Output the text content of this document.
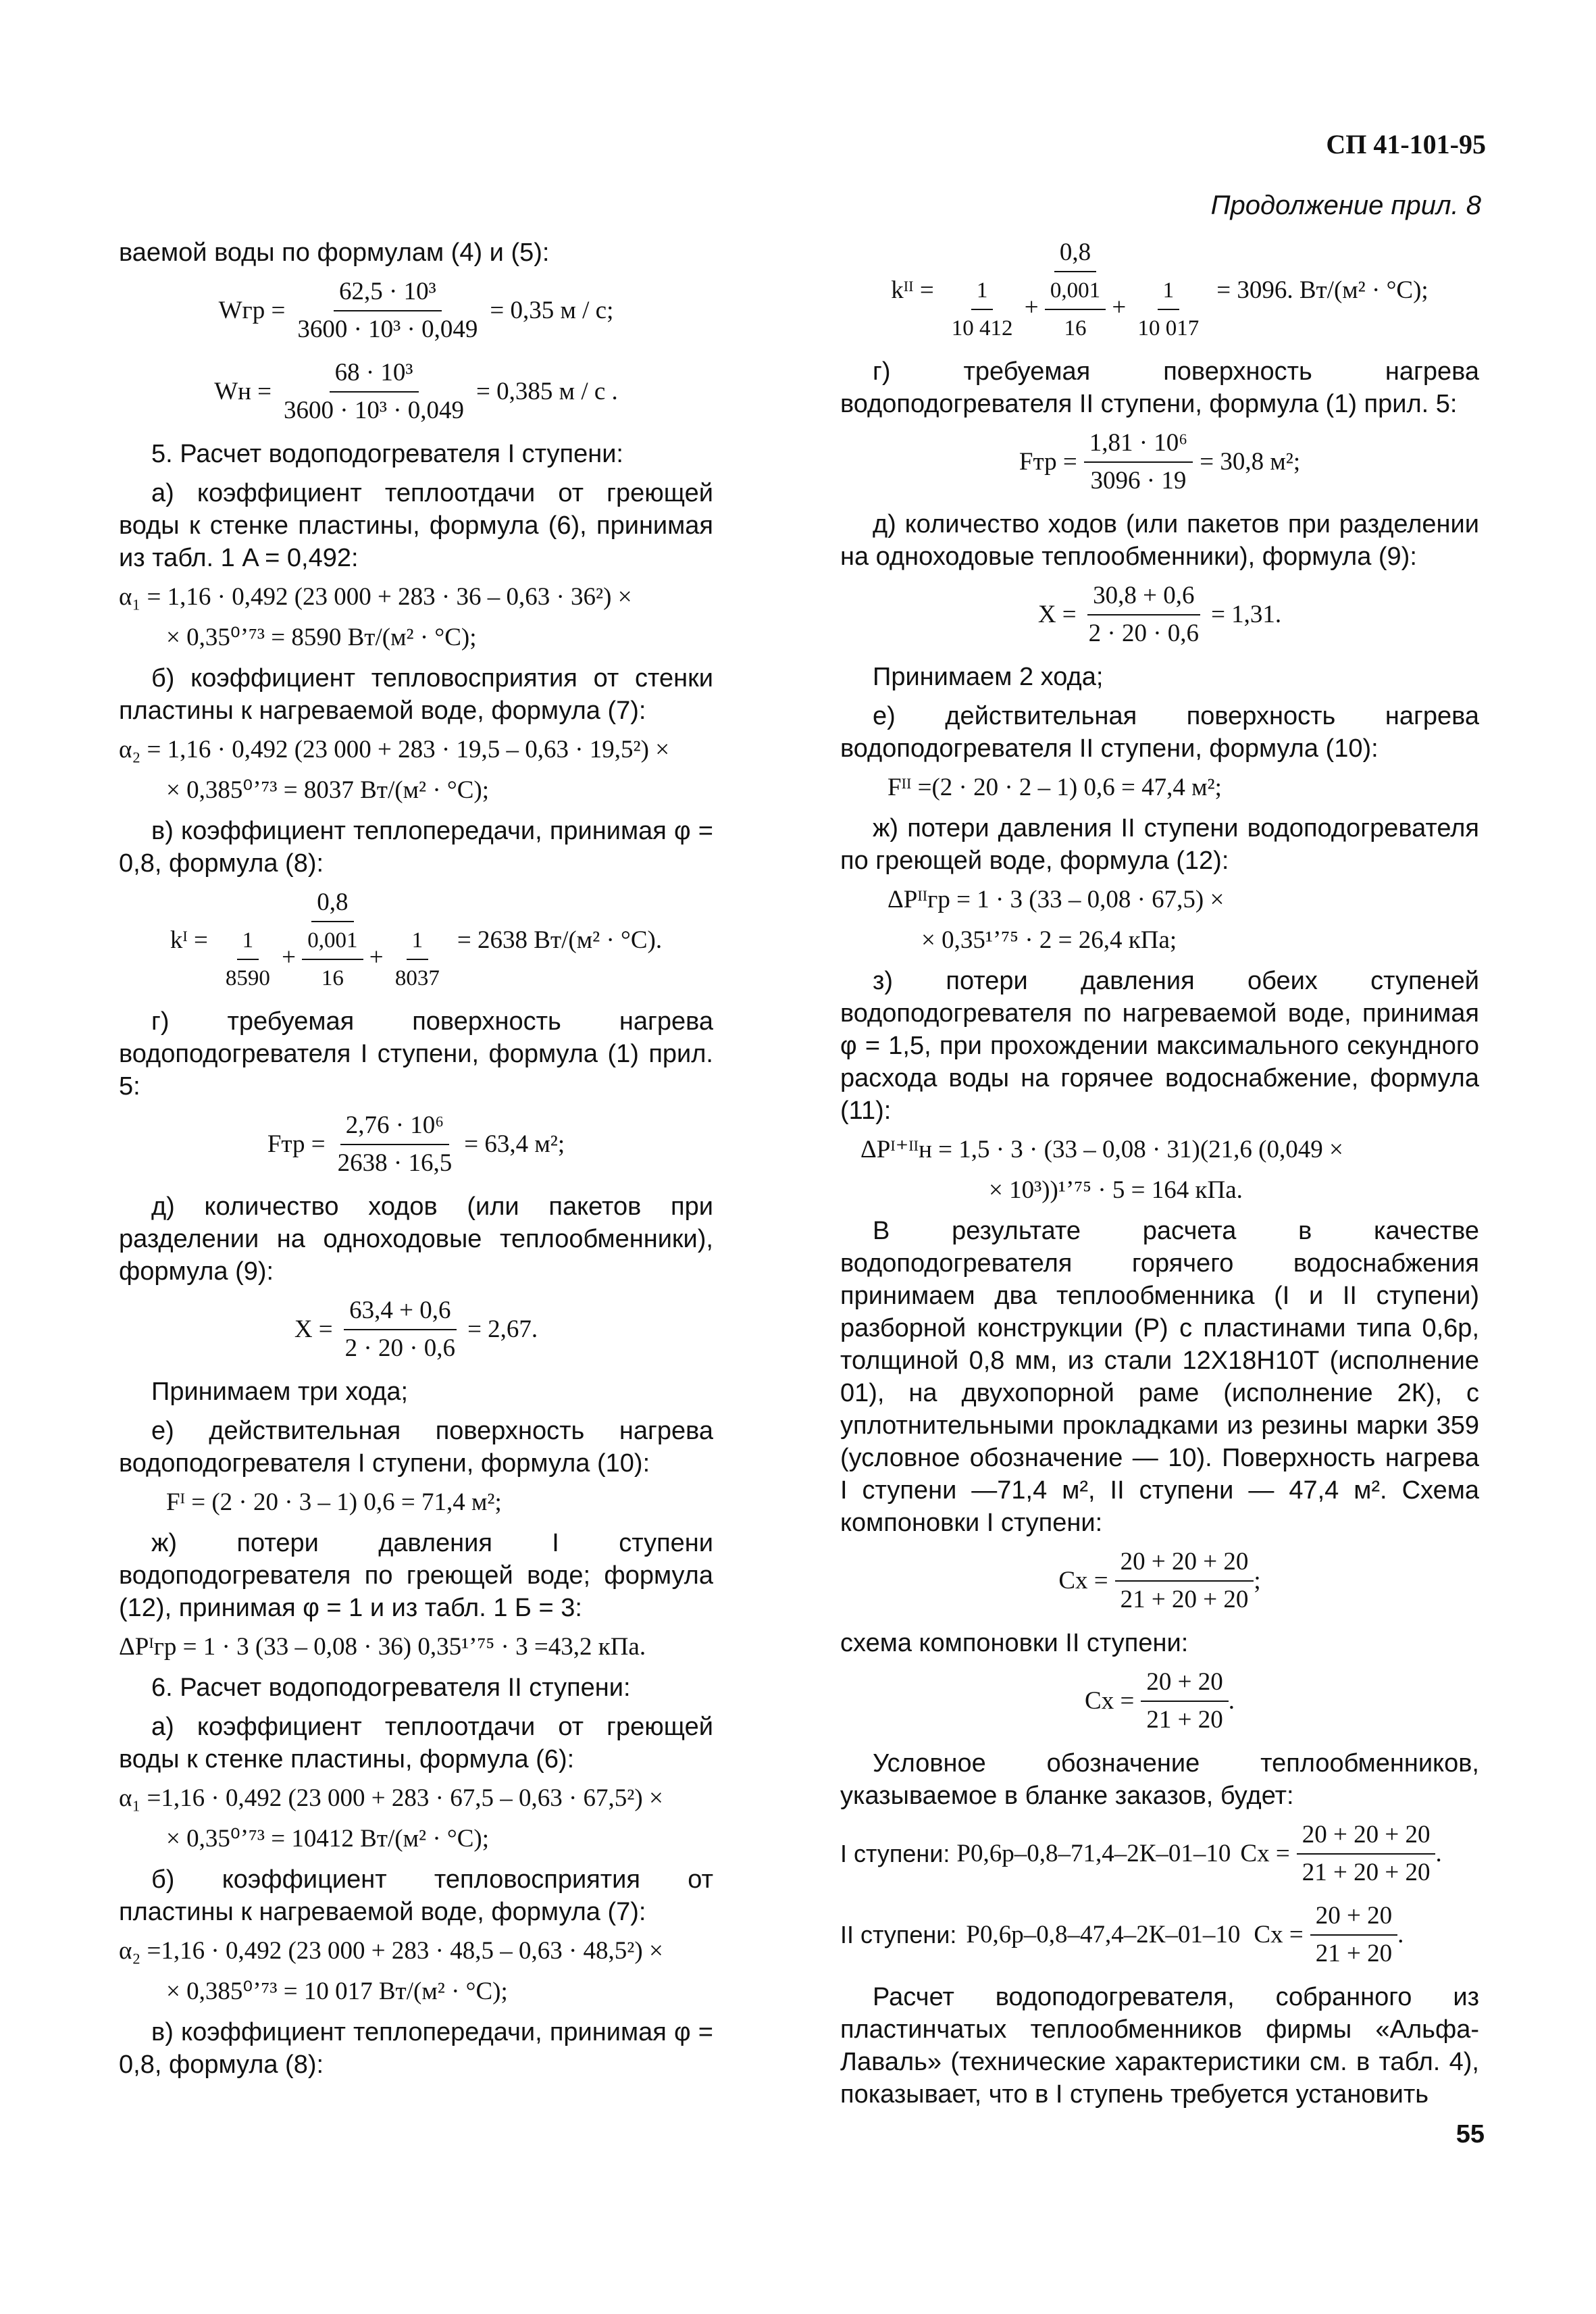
СП 41-101-95
Продолжение прил. 8

ваемой воды по формулам (4) и (5):

Wгр = $\frac{\text{62,5 · 10³}}{\text{3600 · 10³ · 0,049}} = 0,35$ м / с;
Wн = $\frac{\text{68 · 10³}}{\text{3600 · 10³ · 0,049}} = 0,385$ м / с .

5. Расчет водоподогревателя I ступени:

а) коэффициент теплоотдачи от греющей воды к стенке пластины, формула (6), принимая из табл. 1 A = 0,492:

α₁ = 1,16 · 0,492 (23 000 + 283 · 36 – 0,63 · 36²) ×
× 0,35⁰’⁷³ = 8590 Вт/(м² · °С);

б) коэффициент тепловосприятия от стенки пластины к нагреваемой воде, формула (7):

α₂ = 1,16 · 0,492 (23 000 + 283 · 19,5 – 0,63 · 19,5²) ×
× 0,385⁰’⁷³ = 8037 Вт/(м² · °С);

в) коэффициент теплопередачи, принимая φ = 0,8, формула (8):

kᴵ = $\frac{0,8}{\frac{1}{8590} + \frac{0,001}{16} + \frac{1}{8037}} = 2638$ Вт/(м² · °С).

г) требуемая поверхность нагрева водоподогревателя I ступени, формула (1) прил. 5:

Fтр = $\frac{\text{2,76 · 10⁶}}{2638 \cdot 16,5} = 63,4$ м²;

д) количество ходов (или пакетов при разделении на одноходовые теплообменники), формула (9):

$X = \frac{63,4 + 0,6}{2 \cdot 20 \cdot 0,6} = 2,67$.

Принимаем три хода;

е) действительная поверхность нагрева водоподогревателя I ступени, формула (10):

Fᴵ = (2 · 20 · 3 – 1) 0,6 = 71,4 м²;

ж) потери давления I ступени водоподогревателя по греющей воде; формула (12), принимая φ = 1 и из табл. 1 Б = 3:

ΔPᴵгр = 1 · 3 (33 – 0,08 · 36) 0,35¹’⁷⁵ · 3 =43,2 кПа.

6. Расчет водоподогревателя II ступени:

а) коэффициент теплоотдачи от греющей воды к стенке пластины, формула (6):

α₁ =1,16 · 0,492 (23 000 + 283 · 67,5 – 0,63 · 67,5²) ×
× 0,35⁰’⁷³ = 10412 Вт/(м² · °С);

б) коэффициент тепловосприятия от пластины к нагреваемой воде, формула (7):

α₂ =1,16 · 0,492 (23 000 + 283 · 48,5 – 0,63 · 48,5²) ×
× 0,385⁰’⁷³ = 10 017 Вт/(м² · °С);

в) коэффициент теплопередачи, принимая φ = 0,8, формула (8):

kᴵᴵ = $\frac{0,8}{\frac{1}{10 412} + \frac{0,001}{16} + \frac{1}{10 017}} = 3096$. Вт/(м² · °С);

г) требуемая поверхность нагрева водоподогревателя II ступени, формула (1) прил. 5:

Fтр = $\frac{\text{1,81 · 10⁶}}{3096 \cdot 19} = 30,8$ м²;

д) количество ходов (или пакетов при разделении на одноходовые теплообменники), формула (9):

$X = \frac{30,8 + 0,6}{2 \cdot 20 \cdot 0,6} = 1,31$.

Принимаем 2 хода;

е) действительная поверхность нагрева водоподогревателя II ступени, формула (10):

Fᴵᴵ =(2 · 20 · 2 – 1) 0,6 = 47,4 м²;

ж) потери давления II ступени водоподогревателя по греющей воде, формула (12):

ΔPᴵᴵгр = 1 · 3 (33 – 0,08 · 67,5) ×
× 0,35¹’⁷⁵ · 2 = 26,4 кПа;

з) потери давления обеих ступеней водоподогревателя по нагреваемой воде, принимая φ = 1,5, при прохождении максимального секундного расхода воды на горячее водоснабжение, формула (11):

ΔPᴵ⁺ᴵᴵн = 1,5 · 3 · (33 – 0,08 · 31)(21,6 (0,049 ×
× 10³))¹’⁷⁵ · 5 = 164 кПа.

В результате расчета в качестве водоподогревателя горячего водоснабжения принимаем два теплообменника (I и II ступени) разборной конструкции (Р) с пластинами типа 0,6р, толщиной 0,8 мм, из стали 12Х18Н10Т (исполнение 01), на двухопорной раме (исполнение 2К), с уплотнительными прокладками из резины марки 359 (условное обозначение — 10). Поверхность нагрева I ступени —71,4 м², II ступени — 47,4 м². Схема компоновки I ступени:

Сх = $\frac{20 + 20 + 20}{21 + 20 + 20}$ ;

схема компоновки II ступени:

Сх = $\frac{20 + 20}{21 + 20}$ .

Условное обозначение теплообменников, указываемое в бланке заказов, будет:

I ступени: Р0,6р–0,8–71,4–2К–01–10 Сх = $\frac{20 + 20 + 20}{21 + 20 + 20}$ .
II ступени: Р0,6р–0,8–47,4–2К–01–10 Сх = $\frac{20 + 20}{21 + 20}$ .

Расчет водоподогревателя, собранного из пластинчатых теплообменников фирмы «Альфа-Лаваль» (технические характеристики см. в табл. 4), показывает, что в I ступень требуется установить

55
